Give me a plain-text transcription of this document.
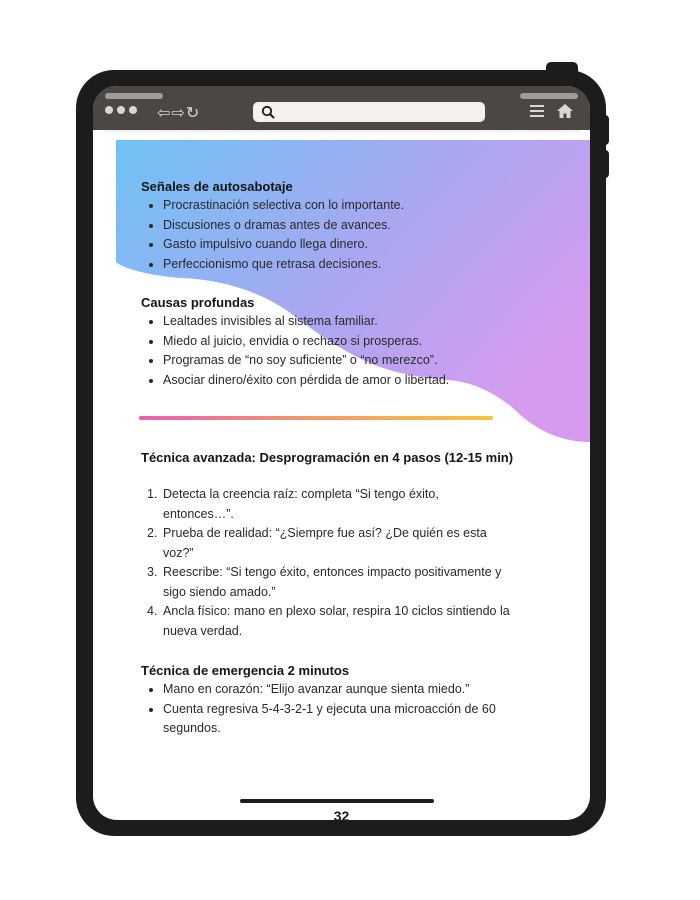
⇦⇨↻
Señales de autosabotaje
Procrastinación selectiva con lo importante.
Discusiones o dramas antes de avances.
Gasto impulsivo cuando llega dinero.
Perfeccionismo que retrasa decisiones.
Causas profundas
Lealtades invisibles al sistema familiar.
Miedo al juicio, envidia o rechazo si prosperas.
Programas de “no soy suficiente” o “no merezco”.
Asociar dinero/éxito con pérdida de amor o libertad.
Técnica avanzada: Desprogramación en 4 pasos (12-15 min)
1. Detecta la creencia raíz: completa “Si tengo éxito,
entonces…”.
2. Prueba de realidad: “¿Siempre fue así? ¿De quién es esta
voz?”
3. Reescribe: “Si tengo éxito, entonces impacto positivamente y
sigo siendo amado.”
4. Ancla físico: mano en plexo solar, respira 10 ciclos sintiendo la
nueva verdad.
Técnica de emergencia 2 minutos
Mano en corazón: “Elijo avanzar aunque sienta miedo.”
Cuenta regresiva 5-4-3-2-1 y ejecuta una microacción de 60
segundos.
32
